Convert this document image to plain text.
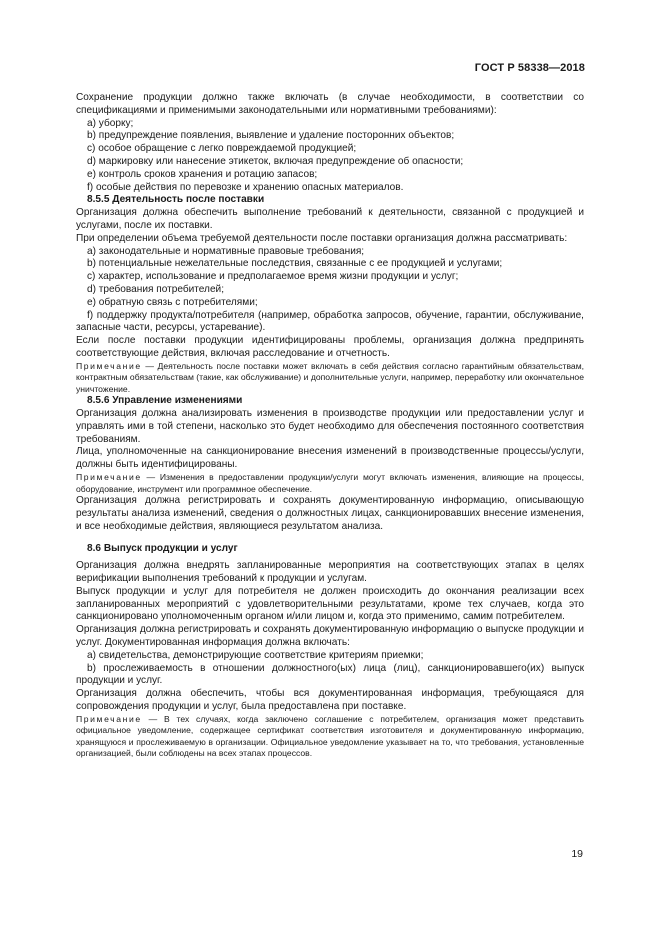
ГОСТ Р 58338—2018

Сохранение продукции должно также включать (в случае необходимости, в соответствии со спецификациями и применимыми законодательными или нормативными требованиями):

a) уборку;

b) предупреждение появления, выявление и удаление посторонних объектов;

c) особое обращение с легко повреждаемой продукцией;

d) маркировку или нанесение этикеток, включая предупреждение об опасности;

e) контроль сроков хранения и ротацию запасов;

f) особые действия по перевозке и хранению опасных материалов.

8.5.5 Деятельность после поставки

Организация должна обеспечить выполнение требований к деятельности, связанной с продукцией и услугами, после их поставки.

При определении объема требуемой деятельности после поставки организация должна рассматривать:

a) законодательные и нормативные правовые требования;

b) потенциальные нежелательные последствия, связанные с ее продукцией и услугами;

c) характер, использование и предполагаемое время жизни продукции и услуг;

d) требования потребителей;

e) обратную связь с потребителями;

f) поддержку продукта/потребителя (например, обработка запросов, обучение, гарантии, обслуживание, запасные части, ресурсы, устаревание).

Если после поставки продукции идентифицированы проблемы, организация должна предпринять соответствующие действия, включая расследование и отчетность.

Примечание — Деятельность после поставки может включать в себя действия согласно гарантийным обязательствам, контрактным обязательствам (такие, как обслуживание) и дополнительные услуги, например, переработку или окончательное уничтожение.

8.5.6 Управление изменениями

Организация должна анализировать изменения в производстве продукции или предоставлении услуг и управлять ими в той степени, насколько это будет необходимо для обеспечения постоянного соответствия требованиям.

Лица, уполномоченные на санкционирование внесения изменений в производственные процессы/услуги, должны быть идентифицированы.

Примечание — Изменения в предоставлении продукции/услуги могут включать изменения, влияющие на процессы, оборудование, инструмент или программное обеспечение.

Организация должна регистрировать и сохранять документированную информацию, описывающую результаты анализа изменений, сведения о должностных лицах, санкционировавших внесение изменения, и все необходимые действия, являющиеся результатом анализа.

8.6 Выпуск продукции и услуг

Организация должна внедрять запланированные мероприятия на соответствующих этапах в целях верификации выполнения требований к продукции и услугам.

Выпуск продукции и услуг для потребителя не должен происходить до окончания реализации всех запланированных мероприятий с удовлетворительными результатами, кроме тех случаев, когда это санкционировано уполномоченным органом и/или лицом и, когда это применимо, самим потребителем.

Организация должна регистрировать и сохранять документированную информацию о выпуске продукции и услуг. Документированная информация должна включать:

a) свидетельства, демонстрирующие соответствие критериям приемки;

b) прослеживаемость в отношении должностного(ых) лица (лиц), санкционировавшего(их) выпуск продукции и услуг.

Организация должна обеспечить, чтобы вся документированная информация, требующаяся для сопровождения продукции и услуг, была предоставлена при поставке.

Примечание — В тех случаях, когда заключено соглашение с потребителем, организация может представить официальное уведомление, содержащее сертификат соответствия изготовителя и документированную информацию, хранящуюся и прослеживаемую в организации. Официальное уведомление указывает на то, что требования, установленные организацией, были соблюдены на всех этапах процессов.

19
